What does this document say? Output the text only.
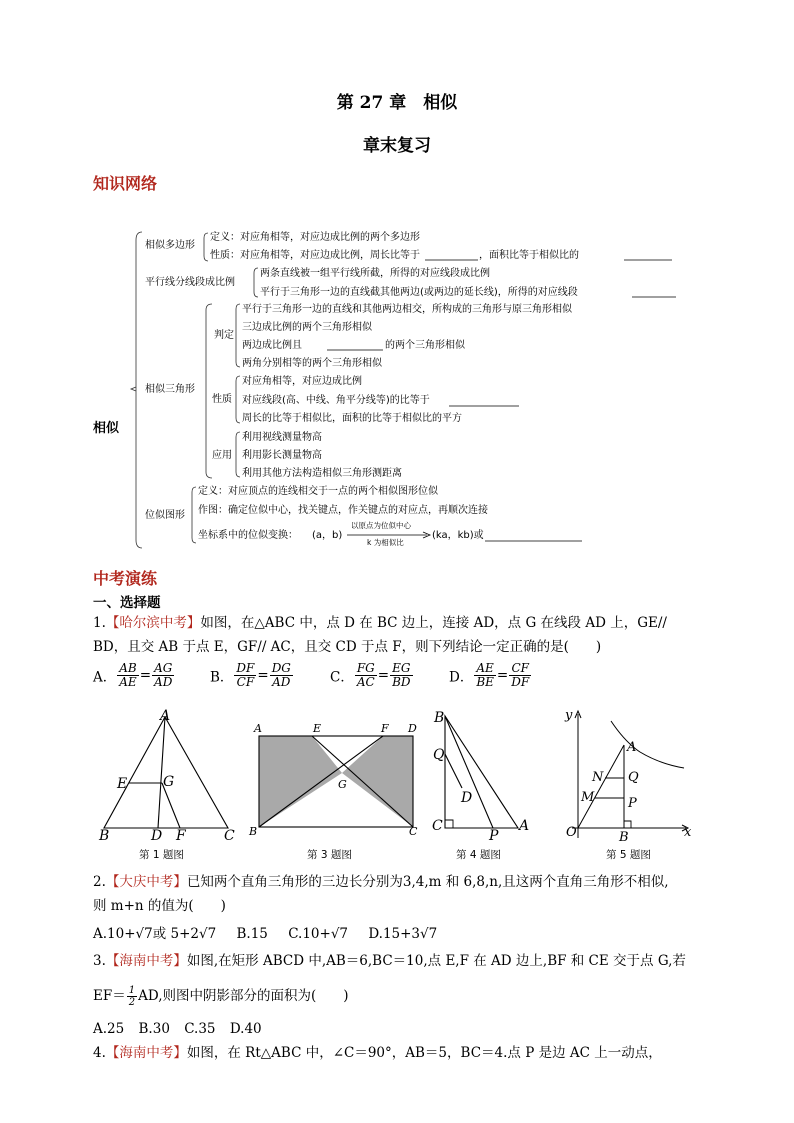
第 27 章　相似
章末复习
知识网络
相似
相似多边形
定义：对应角相等，对应边成比例的两个多边形
性质：对应角相等，对应边成比例，周长比等于	，面积比等于相似比的
平行线分线段成比例
两条直线被一组平行线所截，所得的对应线段成比例
平行于三角形一边的直线截其他两边(或两边的延长线)，所得的对应线段
相似三角形
判定
平行于三角形一边的直线和其他两边相交，所构成的三角形与原三角形相似
三边成比例的两个三角形相似
两边成比例且	的两个三角形相似
两角分别相等的两个三角形相似
性质
对应角相等，对应边成比例
对应线段(高、中线、角平分线等)的比等于
周长的比等于相似比，面积的比等于相似比的平方
应用
利用视线测量物高
利用影长测量物高
利用其他方法构造相似三角形测距离
位似图形
定义：对应顶点的连线相交于一点的两个相似图形位似
作图：确定位似中心，找关键点，作关键点的对应点，再顺次连接
坐标系中的位似变换： (a，b)
以原点为位似中心
k 为相似比
(ka，kb)或
中考演练
一、选择题
1.【哈尔滨中考】如图，在△ABC 中，点 D 在 BC 边上，连接 AD，点 G 在线段 AD 上，GE//
BD，且交 AB 于点 E，GF// AC，且交 CD 于点 F，则下列结论一定正确的是(　　)
A． $\frac{AB}{AE} = \frac{AG}{AD}$	B． $\frac{DF}{CF} = \frac{DG}{AD}$	C． $\frac{FG}{AC} = \frac{EG}{BD}$	D． $\frac{AE}{BE} = \frac{CF}{DF}$
A
E	G
B	D F	C
A	E	F D
G
B	C
B
Q
D
C
P
A
y
A
N Q
M	P
O	B	x
第 1 题图	第 3 题图	第 4 题图	第 5 题图
2.【大庆中考】已知两个直角三角形的三边长分别为3,4,m 和 6,8,n,且这两个直角三角形不相似,
则 m+n 的值为(　　)
A.10+√7或 5+2√7 B.15 C.10+√7 D.15+3√7
3.【海南中考】如图,在矩形 ABCD 中,AB＝6,BC＝10,点 E,F 在 AD 边上,BF 和 CE 交于点 G,若
$EF= \frac{1}{2}$ AD,则图中阴影部分的面积为(　　)
A.25 B.30 C.35 D.40
4.【海南中考】如图，在 Rt△ABC 中，∠C＝90°，AB＝5，BC＝4.点 P 是边 AC 上一动点，
